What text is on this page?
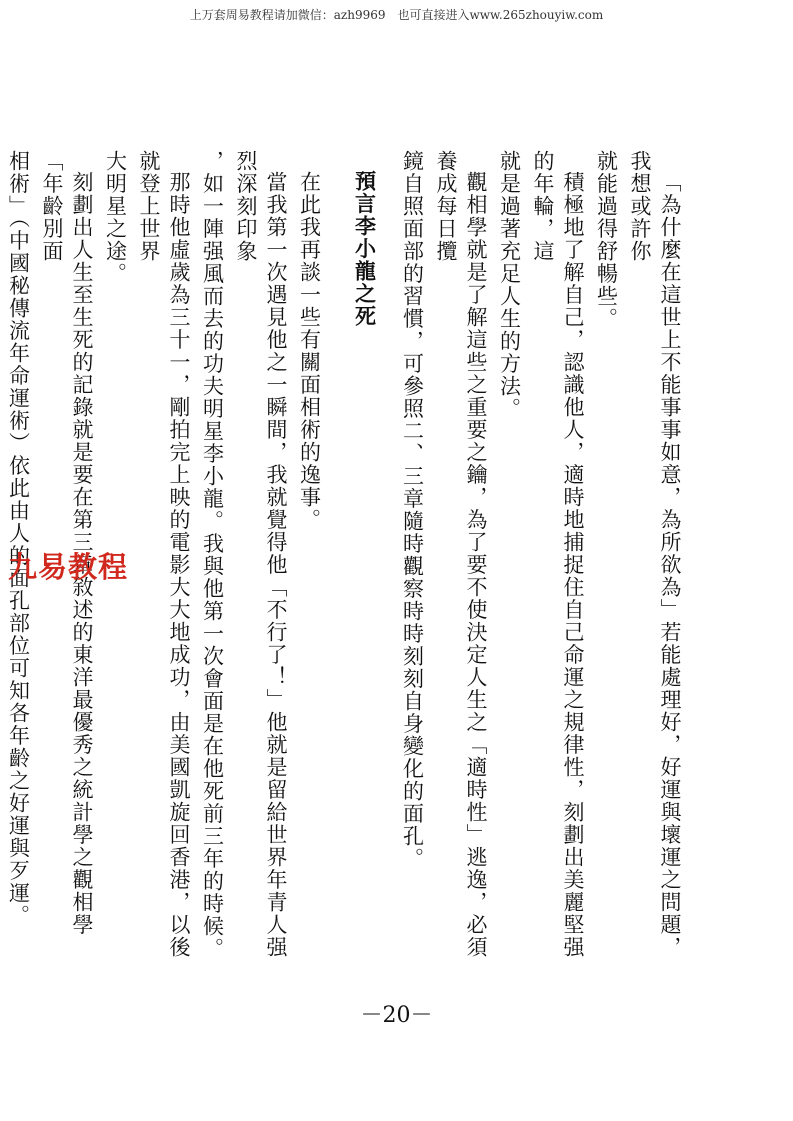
上万套周易教程请加微信：azh9969　也可直接进入www.265zhouyiw.com
「為什麼在這世上不能事事如意，為所欲為」若能處理好，好運與壞運之問題，我想或許你
就能過得舒暢些。
積極地了解自己，認識他人，適時地捕捉住自己命運之規律性，刻劃出美麗堅强的年輪，這
就是過著充足人生的方法。
觀相學就是了解這些之重要之鑰，為了要不使決定人生之「適時性」逃逸，必須養成每日攬
鏡自照面部的習慣，可參照二、三章隨時觀察時時刻刻自身變化的面孔。
預言李小龍之死
在此我再談一些有關面相術的逸事。
當我第一次遇見他之一瞬間，我就覺得他「不行了！」他就是留給世界年青人强烈深刻印象
，如一陣强風而去的功夫明星李小龍。我與他第一次會面是在他死前三年的時候。
那時他虛歲為三十一，剛拍完上映的電影大大地成功，由美國凱旋回香港，以後就登上世界
大明星之途。
刻劃出人生至生死的記錄就是要在第三章敘述的東洋最優秀之統計學之觀相學「年齡別面
相術」（中國秘傳流年命運術）依此由人的面孔部位可知各年齡之好運與歹運。
九易教程
－20－
